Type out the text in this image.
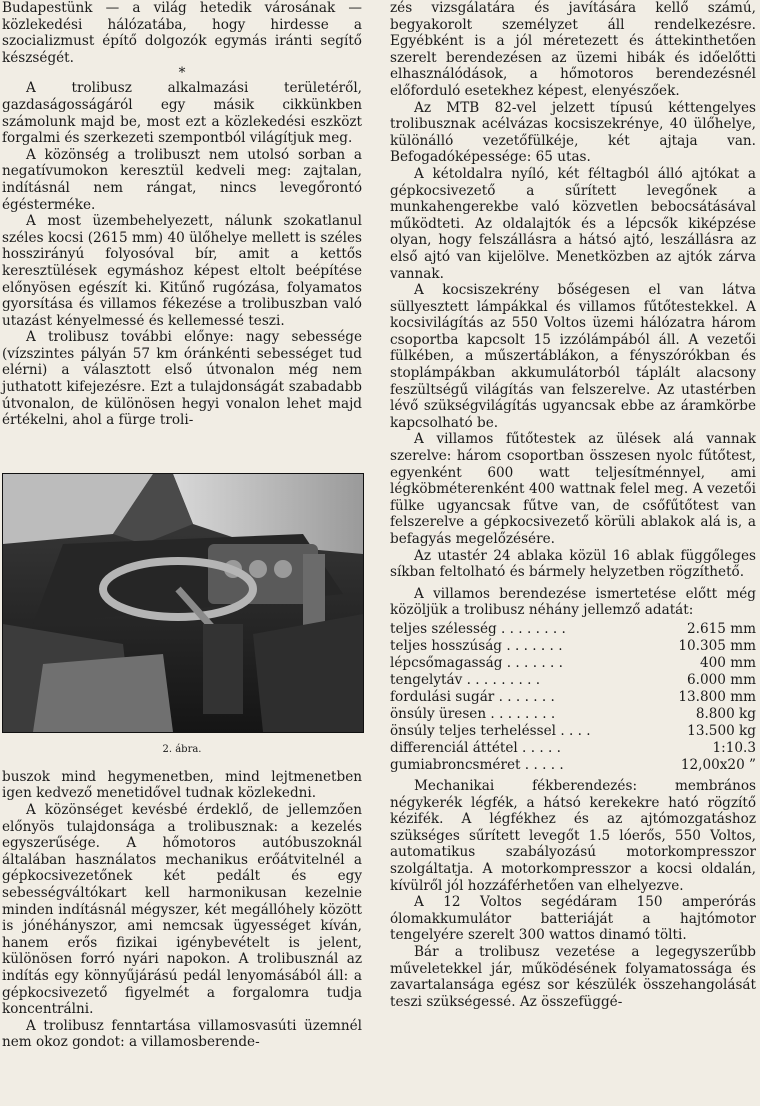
Budapestünk — a világ hetedik városának — közlekedési hálózatába, hogy hirdesse a szocializmust építő dolgozók egymás iránti segítő készségét.

*

A trolibusz alkalmazási területéről, gazdaságosságáról egy másik cikkünkben számolunk majd be, most ezt a közlekedési eszközt forgalmi és szerkezeti szempontból világítjuk meg.

A közönség a trolibuszt nem utolsó sorban a negatívumokon keresztül kedveli meg: zajtalan, indításnál nem rángat, nincs levegőrontó égésterméke.

A most üzembehelyezett, nálunk szokatlanul széles kocsi (2615 mm) 40 ülőhelye mellett is széles hosszirányú folyosóval bír, amit a kettős keresztülések egymáshoz képest eltolt beépítése előnyösen egészít ki. Kitűnő rugózása, folyamatos gyorsítása és villamos fékezése a trolibuszban való utazást kényelmessé és kellemessé teszi.

A trolibusz további előnye: nagy sebessége (vízszintes pályán 57 km óránkénti sebességet tud elérni) a választott első útvonalon még nem juthatott kifejezésre. Ezt a tulajdonságát szabadabb útvonalon, de különösen hegyi vonalon lehet majd értékelni, ahol a fürge troli-

2. ábra.

buszok mind hegymenetben, mind lejtmenetben igen kedvező menetidővel tudnak közlekedni.

A közönséget kevésbé érdeklő, de jellemzően előnyös tulajdonsága a trolibusznak: a kezelés egyszerűsége. A hőmotoros autóbuszoknál általában használatos mechanikus erőátvitelnél a gépkocsivezetőnek két pedált és egy sebességváltókart kell harmonikusan kezelnie minden indításnál mégyszer, két megállóhely között is jónéhányszor, ami nemcsak ügyességet kíván, hanem erős fizikai igénybevételt is jelent, különösen forró nyári napokon. A trolibusznál az indítás egy könnyűjárású pedál lenyomásából áll: a gépkocsivezető figyelmét a forgalomra tudja koncentrálni.

A trolibusz fenntartása villamosvasúti üzemnél nem okoz gondot: a villamosberende-

zés vizsgálatára és javítására kellő számú, begyakorolt személyzet áll rendelkezésre. Egyébként is a jól méretezett és áttekinthetően szerelt berendezésen az üzemi hibák és időelőtti elhasználódások, a hőmotoros berendezésnél előforduló esetekhez képest, elenyészőek.

Az MTB 82-vel jelzett típusú kéttengelyes trolibusznak acélvázas kocsiszekrénye, 40 ülőhelye, különálló vezetőfülkéje, két ajtaja van. Befogadóképessége: 65 utas.

A kétoldalra nyíló, két féltagból álló ajtókat a gépkocsivezető a sűrített levegőnek a munkahengerekbe való közvetlen bebocsátásával működteti. Az oldalajtók és a lépcsők kiképzése olyan, hogy felszállásra a hátsó ajtó, leszállásra az első ajtó van kijelölve. Menetközben az ajtók zárva vannak.

A kocsiszekrény bőségesen el van látva süllyesztett lámpákkal és villamos fűtőtestekkel. A kocsivilágítás az 550 Voltos üzemi hálózatra három csoportba kapcsolt 15 izzólámpából áll. A vezetői fülkében, a műszertáblákon, a fényszórókban és stoplámpákban akkumulátorból táplált alacsony feszültségű világítás van felszerelve. Az utastérben lévő szükségvilágítás ugyancsak ebbe az áramkörbe kapcsolható be.

A villamos fűtőtestek az ülések alá vannak szerelve: három csoportban összesen nyolc fűtőtest, egyenként 600 watt teljesítménnyel, ami légköbméterenként 400 wattnak felel meg. A vezetői fülke ugyancsak fűtve van, de csőfűtőtest van felszerelve a gépkocsivezető körüli ablakok alá is, a befagyás megelőzésére.

Az utastér 24 ablaka közül 16 ablak függőleges síkban feltolható és bármely helyzetben rögzíthető.

A villamos berendezése ismertetése előtt még közöljük a trolibusz néhány jellemző adatát:

teljes szélesség . . . . . . . .	2.615 mm
teljes hosszúság . . . . . . .	10.305 mm
lépcsőmagasság . . . . . . .	400 mm
tengelytáv . . . . . . . . .	6.000 mm
fordulási sugár . . . . . . .	13.800 mm
önsúly üresen . . . . . . . .	8.800 kg
önsúly teljes terheléssel . . . .	13.500 kg
differenciál áttétel . . . . .	1:10.3
gumiabroncsméret . . . . .	12,00x20 ”

Mechanikai fékberendezés: membrános négykerék légfék, a hátsó kerekekre ható rögzítő kézifék. A légfékhez és az ajtómozgatáshoz szükséges sűrített levegőt 1.5 lóerős, 550 Voltos, automatikus szabályozású motorkompresszor szolgáltatja. A motorkompresszor a kocsi oldalán, kívülről jól hozzáférhetően van elhelyezve.

A 12 Voltos segédáram 150 amperórás ólomakkumulátor batteriáját a hajtómotor tengelyére szerelt 300 wattos dinamó tölti.

Bár a trolibusz vezetése a legegyszerűbb műveletekkel jár, működésének folyamatossága és zavartalansága egész sor készülék összehangolását teszi szükségessé. Az összefüggé-
